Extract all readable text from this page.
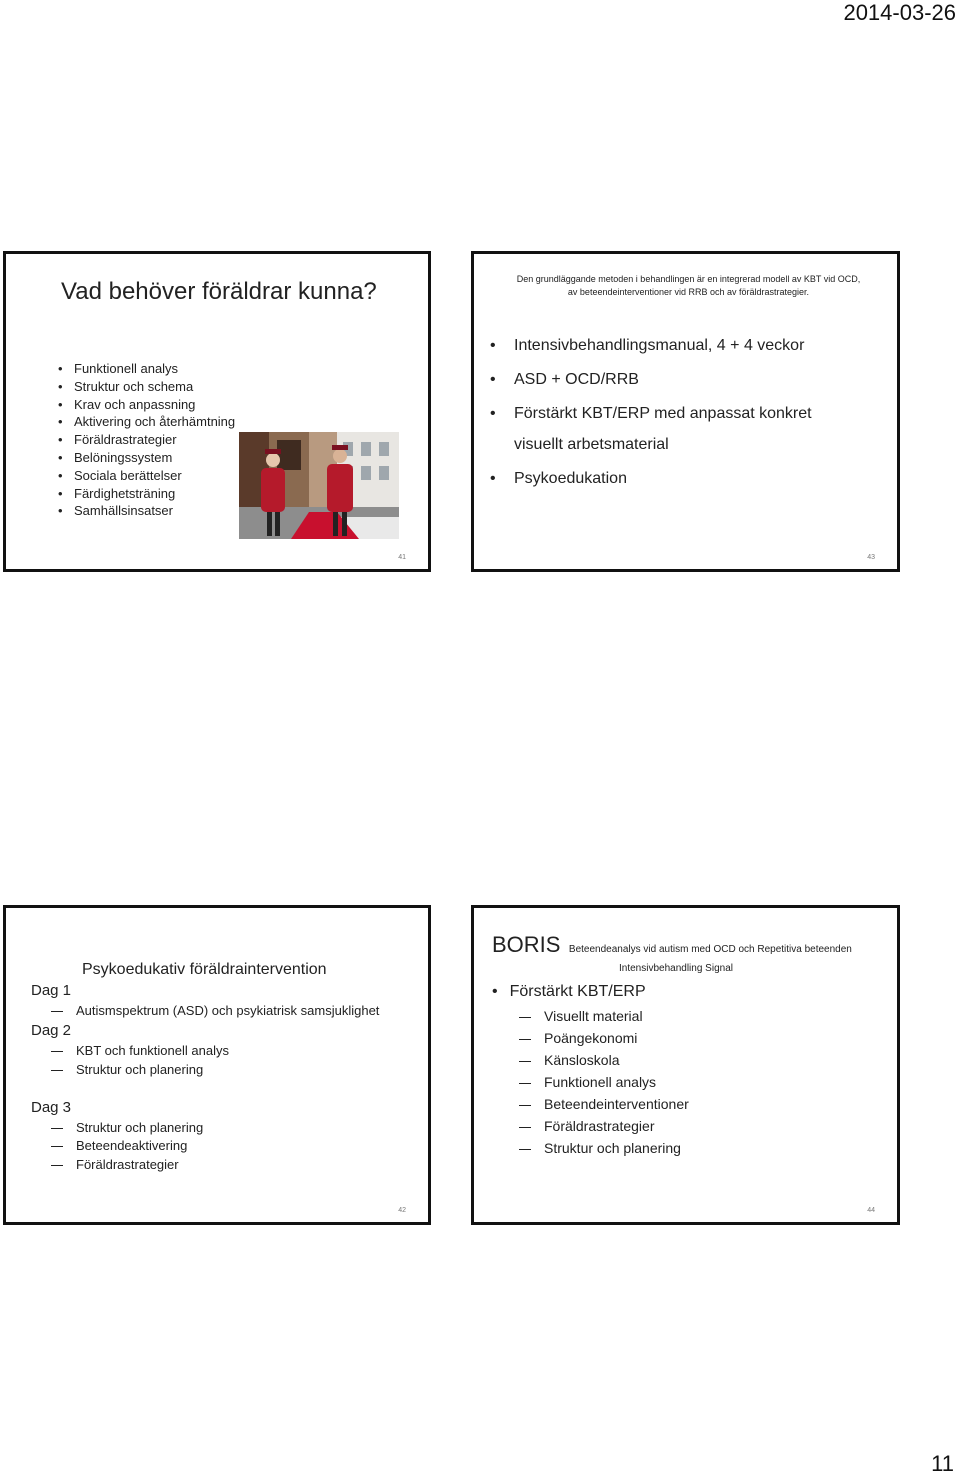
2014-03-26
Vad behöver föräldrar kunna?
• Funktionell analys
• Struktur och schema
• Krav och anpassning
• Aktivering och återhämtning
• Föräldrastrategier
• Belöningssystem
• Sociala berättelser
• Färdighetsträning
• Samhällsinsatser
41
Den grundläggande metoden i behandlingen är en integrerad modell av KBT vid OCD,
av beteendeinterventioner vid RRB och av föräldrastrategier.
• Intensivbehandlingsmanual, 4 + 4 veckor
• ASD + OCD/RRB
• Förstärkt KBT/ERP med anpassat konkret
visuellt arbetsmaterial
• Psykoedukation
43
Psykoedukativ föräldraintervention
Dag 1
Autismspektrum (ASD) och psykiatrisk samsjuklighet
Dag 2
KBT och funktionell analys
Struktur och planering
Dag 3
Struktur och planering
Beteendeaktivering
Föräldrastrategier
42
BORIS Beteendeanalys vid autism med OCD och Repetitiva beteenden
Intensivbehandling Signal
• Förstärkt KBT/ERP
Visuellt material
Poängekonomi
Känsloskola
Funktionell analys
Beteendeinterventioner
Föräldrastrategier
Struktur och planering
44
11
